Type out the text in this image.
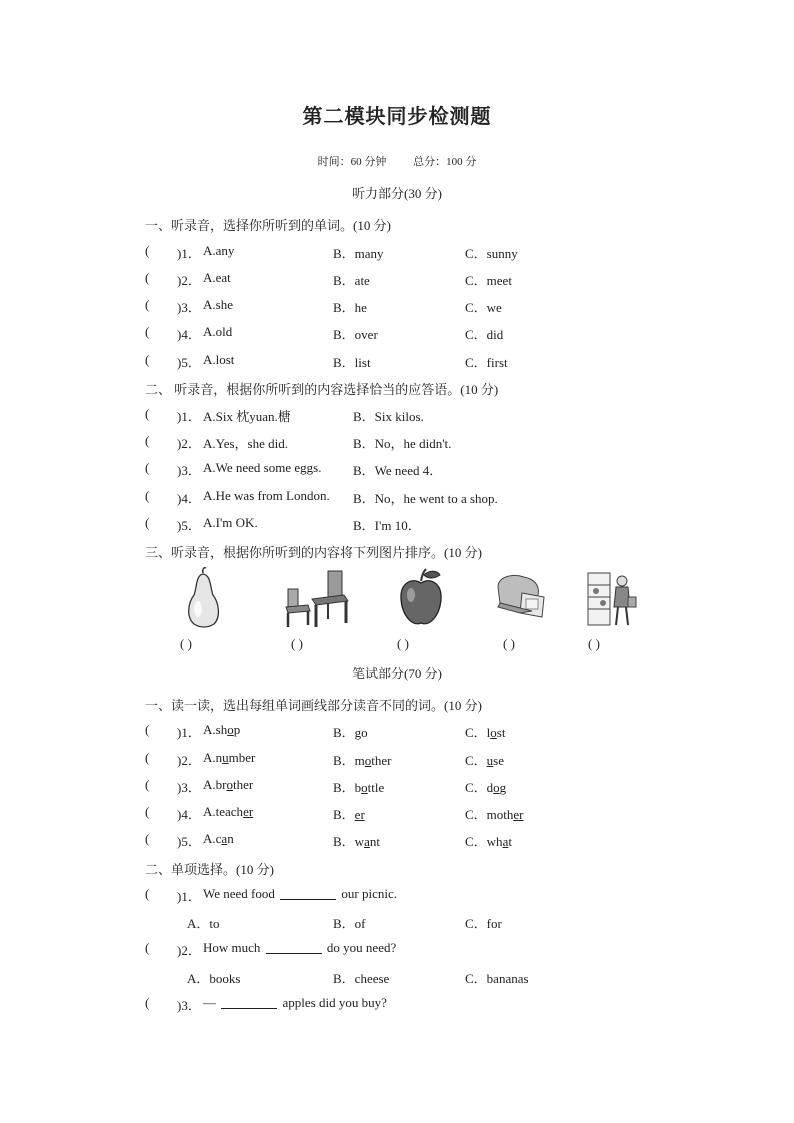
第二模块同步检测题
时间：60 分钟 总分：100 分
听力部分(30 分)
一、听录音，选择你所听到的单词。(10 分)
( )1． A.any	B．many	C．sunny
( )2． A.eat	B．ate	C．meet
( )3． A.she	B．he	C．we
( )4． A.old	B．over	C．did
( )5． A.lost	B．list	C．first
二、 听录音，根据你所听到的内容选择恰当的应答语。(10 分)
( )1． A.Six 枕yuan.榶	B．Six kilos.
( )2． A.Yes，she did.	B．No，he didn't.
( )3． A.We need some eggs. B．We need 4．
( )4． A.He was from London. B．No，he went to a shop.
( )5． A.I'm OK.	B．I'm 10．
三、听录音，根据你所听到的内容将下列图片排序。(10 分)
( )	( )	( )	( )	( )
笔试部分(70 分)
一、读一读，选出每组单词画线部分读音不同的词。(10 分)
( )1． A.shop	B．go	C．lost
( )2． A.number	B．mother	C．use
( )3． A.brother	B．bottle	C．dog
( )4． A.teacher	B．er	C．mother
( )5． A.can	B．want	C．what
二、单项选择。(10 分)
( )1． We need food	our picnic.
A．to	B．of	C．for
( )2． How much	do you need?
A．books	B．cheese	C．bananas
( )3． —	apples did you buy?
